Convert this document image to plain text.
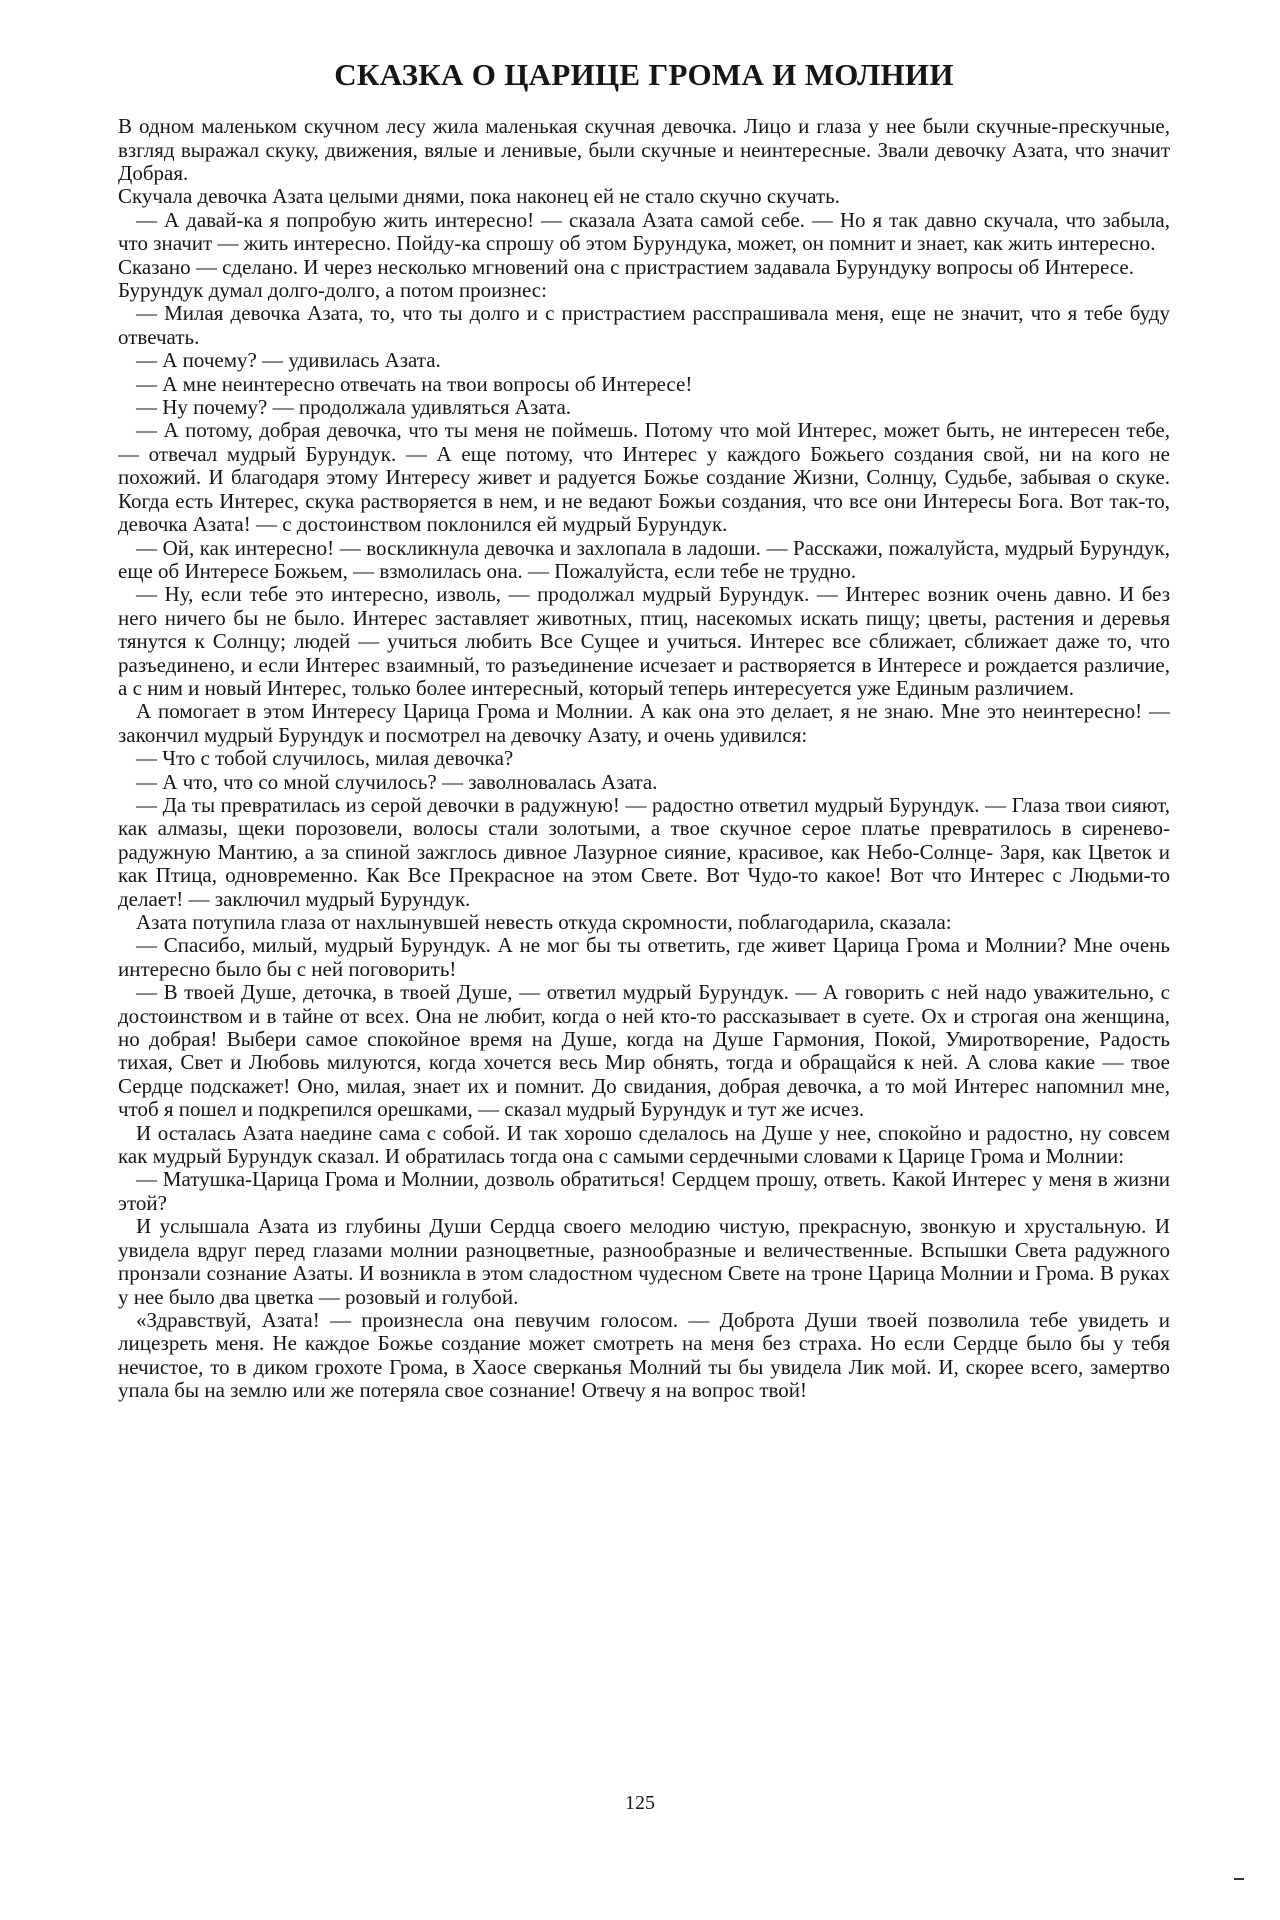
СКАЗКА О ЦАРИЦЕ ГРОМА И МОЛНИИ

В одном маленьком скучном лесу жила маленькая скучная девочка. Лицо и глаза у нее были скучные-прескучные, взгляд выражал скуку, движения, вялые и ленивые, были скучные и неинтересные. Звали девочку Азата, что значит Добрая.

Скучала девочка Азата целыми днями, пока наконец ей не стало скучно скучать.

— А давай-ка я попробую жить интересно! — сказала Азата самой себе. — Но я так давно скучала, что забыла, что значит — жить интересно. Пойду-ка спрошу об этом Бурундука, может, он помнит и знает, как жить интересно.

Сказано — сделано. И через несколько мгновений она с пристрастием задавала Бурундуку вопросы об Интересе.

Бурундук думал долго-долго, а потом произнес:

— Милая девочка Азата, то, что ты долго и с пристрастием расспрашивала меня, еще не значит, что я тебе буду отвечать.

— А почему? — удивилась Азата.

— А мне неинтересно отвечать на твои вопросы об Интересе!

— Ну почему? — продолжала удивляться Азата.

— А потому, добрая девочка, что ты меня не поймешь. Потому что мой Интерес, может быть, не интересен тебе, — отвечал мудрый Бурундук. — А еще потому, что Интерес у каждого Божьего создания свой, ни на кого не похожий. И благодаря этому Интересу живет и радуется Божье создание Жизни, Солнцу, Судьбе, забывая о скуке. Когда есть Интерес, скука растворяется в нем, и не ведают Божьи создания, что все они Интересы Бога. Вот так-то, девочка Азата! — с достоинством поклонился ей мудрый Бурундук.

— Ой, как интересно! — воскликнула девочка и захлопала в ладоши. — Расскажи, пожалуйста, мудрый Бурундук, еще об Интересе Божьем, — взмолилась она. — Пожалуйста, если тебе не трудно.

— Ну, если тебе это интересно, изволь, — продолжал мудрый Бурундук. — Интерес возник очень давно. И без него ничего бы не было. Интерес заставляет животных, птиц, насекомых искать пищу; цветы, растения и деревья тянутся к Солнцу; людей — учиться любить Все Сущее и учиться. Интерес все сближает, сближает даже то, что разъединено, и если Интерес взаимный, то разъединение исчезает и растворяется в Интересе и рождается различие, а с ним и новый Интерес, только более интересный, который теперь интересуется уже Единым различием.

А помогает в этом Интересу Царица Грома и Молнии. А как она это делает, я не знаю. Мне это неинтересно! — закончил мудрый Бурундук и посмотрел на девочку Азату, и очень удивился:

— Что с тобой случилось, милая девочка?

— А что, что со мной случилось? — заволновалась Азата.

— Да ты превратилась из серой девочки в радужную! — радостно ответил мудрый Бурундук. — Глаза твои сияют, как алмазы, щеки порозовели, волосы стали золотыми, а твое скучное серое платье превратилось в сиренево-радужную Мантию, а за спиной зажглось дивное Лазурное сияние, красивое, как Небо-Солнце- Заря, как Цветок и как Птица, одновременно. Как Все Прекрасное на этом Свете. Вот Чудо-то какое! Вот что Интерес с Людьми-то делает! — заключил мудрый Бурундук.

Азата потупила глаза от нахлынувшей невесть откуда скромности, поблагодарила, сказала:

— Спасибо, милый, мудрый Бурундук. А не мог бы ты ответить, где живет Царица Грома и Молнии? Мне очень интересно было бы с ней поговорить!

— В твоей Душе, деточка, в твоей Душе, — ответил мудрый Бурундук. — А говорить с ней надо уважительно, с достоинством и в тайне от всех. Она не любит, когда о ней кто-то рассказывает в суете. Ох и строгая она женщина, но добрая! Выбери самое спокойное время на Душе, когда на Душе Гармония, Покой, Умиротворение, Радость тихая, Свет и Любовь милуются, когда хочется весь Мир обнять, тогда и обращайся к ней. А слова какие — твое Сердце подскажет! Оно, милая, знает их и помнит. До свидания, добрая девочка, а то мой Интерес напомнил мне, чтоб я пошел и подкрепился орешками, — сказал мудрый Бурундук и тут же исчез.

И осталась Азата наедине сама с собой. И так хорошо сделалось на Душе у нее, спокойно и радостно, ну совсем как мудрый Бурундук сказал. И обратилась тогда она с самыми сердечными словами к Царице Грома и Молнии:

— Матушка-Царица Грома и Молнии, дозволь обратиться! Сердцем прошу, ответь. Какой Интерес у меня в жизни этой?

И услышала Азата из глубины Души Сердца своего мелодию чистую, прекрасную, звонкую и хрустальную. И увидела вдруг перед глазами молнии разноцветные, разнообразные и величественные. Вспышки Света радужного пронзали сознание Азаты. И возникла в этом сладостном чудесном Свете на троне Царица Молнии и Грома. В руках у нее было два цветка — розовый и голубой.

«Здравствуй, Азата! — произнесла она певучим голосом. — Доброта Души твоей позволила тебе увидеть и лицезреть меня. Не каждое Божье создание может смотреть на меня без страха. Но если Сердце было бы у тебя нечистое, то в диком грохоте Грома, в Хаосе сверканья Молний ты бы увидела Лик мой. И, скорее всего, замертво упала бы на землю или же потеряла свое сознание! Отвечу я на вопрос твой!

125
